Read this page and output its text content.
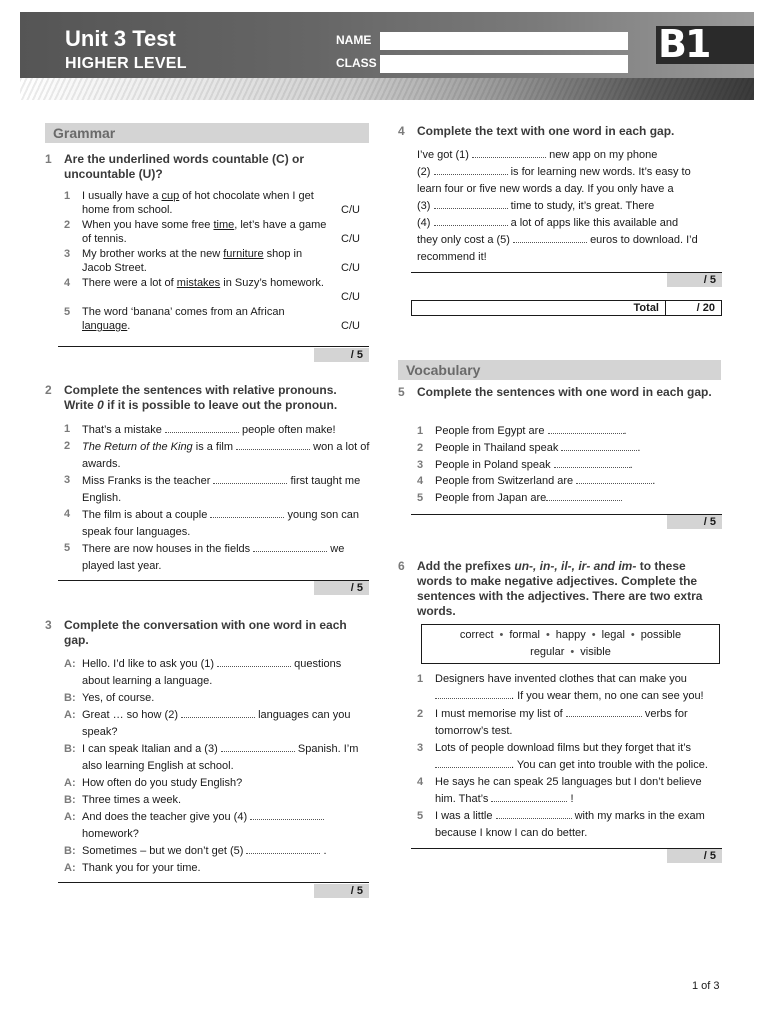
Unit 3 Test
HIGHER LEVEL
NAME
CLASS	B1
Grammar
1 Are the underlined words countable (C) or uncountable (U)?
1 I usually have a cup of hot chocolate when I get home from school.	C/U
2 When you have some free time, let’s have a game of tennis.	C/U
3 My brother works at the new furniture shop in Jacob Street.	C/U
4 There were a lot of mistakes in Suzy’s homework.
C/U
5 The word ‘banana’ comes from an African language.	C/U
/ 5
2 Complete the sentences with relative pronouns. Write 0 if it is possible to leave out the pronoun.
1 That’s a mistake	people often make!
2 The Return of the King is a film	won a lot of awards.
3 Miss Franks is the teacher	first taught me English.
4 The film is about a couple	young son can speak four languages.
5 There are now houses in the fields	we played last year.
/ 5
3 Complete the conversation with one word in each gap.
A: Hello. I’d like to ask you (1)	questions about learning a language.
B: Yes, of course.
A: Great … so how (2)	languages can you speak?
B: I can speak Italian and a (3)	Spanish. I’m also learning English at school.
A: How often do you study English?
B: Three times a week.
A: And does the teacher give you (4)  homework?
B: Sometimes – but we don’t get (5)	.
A: Thank you for your time.
/ 5
4 Complete the text with one word in each gap.
I’ve got (1)	new app on my phone
(2)	is for learning new words. It’s easy to
learn four or five new words a day. If you only have a
(3)	time to study, it’s great. There
(4)	a lot of apps like this available and
they only cost a (5)	euros to download. I’d
recommend it!
/ 5
Total	/ 20
Vocabulary
5 Complete the sentences with one word in each gap.
1 People from Egypt are	.
2 People in Thailand speak	.
3 People in Poland speak	.
4 People from Switzerland are	.
5 People from Japan are
/ 5
6 Add the prefixes un-, in-, il-, ir- and im- to these words to make negative adjectives. Complete the sentences with the adjectives. There are two extra words.
correct • formal • happy • legal • possible
regular • visible
1 Designers have invented clothes that can make you
. If you wear them, no one can see you!
2 I must memorise my list of	verbs for tomorrow’s test.
3 Lots of people download films but they forget that it’s
. You can get into trouble with the police.
4 He says he can speak 25 languages but I don’t believe him. That’s	!
5 I was a little	with my marks in the exam because I know I can do better.
/ 5
1 of 3
